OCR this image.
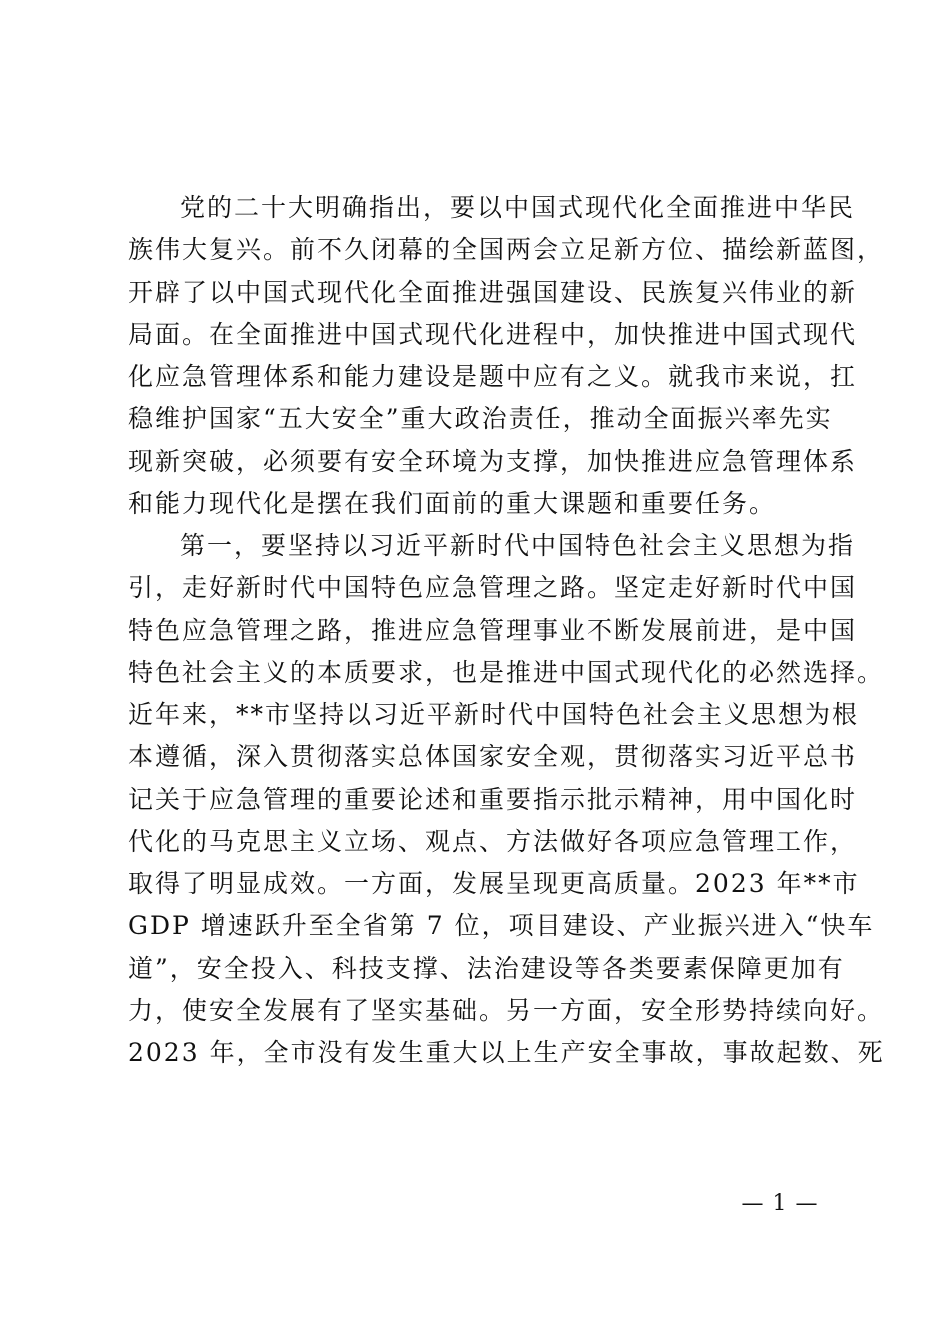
党的二十大明确指出，要以中国式现代化全面推进中华民
族伟大复兴。前不久闭幕的全国两会立足新方位、描绘新蓝图，
开辟了以中国式现代化全面推进强国建设、民族复兴伟业的新
局面。在全面推进中国式现代化进程中，加快推进中国式现代
化应急管理体系和能力建设是题中应有之义。就我市来说，扛
稳维护国家“五大安全”重大政治责任，推动全面振兴率先实
现新突破，必须要有安全环境为支撑，加快推进应急管理体系
和能力现代化是摆在我们面前的重大课题和重要任务。
第一，要坚持以习近平新时代中国特色社会主义思想为指
引，走好新时代中国特色应急管理之路。坚定走好新时代中国
特色应急管理之路，推进应急管理事业不断发展前进，是中国
特色社会主义的本质要求，也是推进中国式现代化的必然选择。
近年来，**市坚持以习近平新时代中国特色社会主义思想为根
本遵循，深入贯彻落实总体国家安全观，贯彻落实习近平总书
记关于应急管理的重要论述和重要指示批示精神，用中国化时
代化的马克思主义立场、观点、方法做好各项应急管理工作，
取得了明显成效。一方面，发展呈现更高质量。2023 年**市
GDP 增速跃升至全省第 7 位，项目建设、产业振兴进入“快车
道”，安全投入、科技支撑、法治建设等各类要素保障更加有
力，使安全发展有了坚实基础。另一方面，安全形势持续向好。
2023 年，全市没有发生重大以上生产安全事故，事故起数、死
— 1 —
